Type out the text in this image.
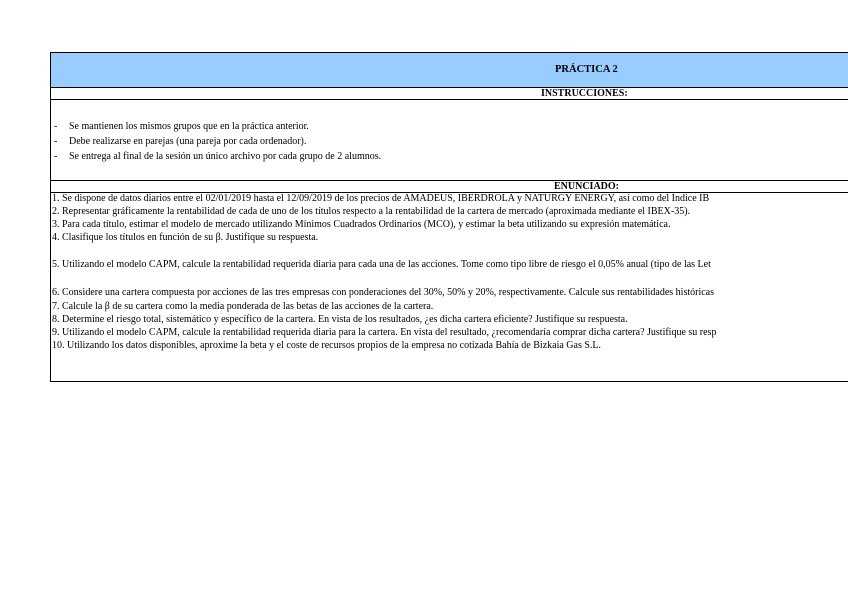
PRÁCTICA 2
INSTRUCCIONES:
- Se mantienen los mismos grupos que en la práctica anterior.
- Debe realizarse en parejas (una pareja por cada ordenador).
- Se entrega al final de la sesión un único archivo por cada grupo de 2 alumnos.
ENUNCIADO:
1. Se dispone de datos diarios entre el 02/01/2019 hasta el 12/09/2019 de los precios de AMADEUS, IBERDROLA y NATURGY ENERGY, así como del Índice IB
2. Representar gráficamente la rentabilidad de cada de uno de los títulos respecto a la rentabilidad de la cartera de mercado (aproximada mediante el IBEX-35).
3. Para cada título, estimar el modelo de mercado utilizando Mínimos Cuadrados Ordinarios (MCO), y estimar la beta utilizando su expresión matemática.
4. Clasifique los títulos en función de su β. Justifique su respuesta.
5. Utilizando el modelo CAPM, calcule la rentabilidad requerida diaria para cada una de las acciones. Tome como tipo libre de riesgo el 0,05% anual (tipo de las Let
6. Considere una cartera compuesta por acciones de las tres empresas con ponderaciones del 30%, 50% y 20%, respectivamente. Calcule sus rentabilidades históricas
7. Calcule la β de su cartera como la media ponderada de las betas de las acciones de la cartera.
8. Determine el riesgo total, sistemático y específico de la cartera. En vista de los resultados, ¿es dicha cartera eficiente? Justifique su respuesta.
9. Utilizando el modelo CAPM, calcule la rentabilidad requerida diaria para la cartera. En vista del resultado, ¿recomendaría comprar dicha cartera? Justifique su resp
10. Utilizando los datos disponibles, aproxime la beta y el coste de recursos propios de la empresa no cotizada Bahía de Bizkaia Gas S.L.
